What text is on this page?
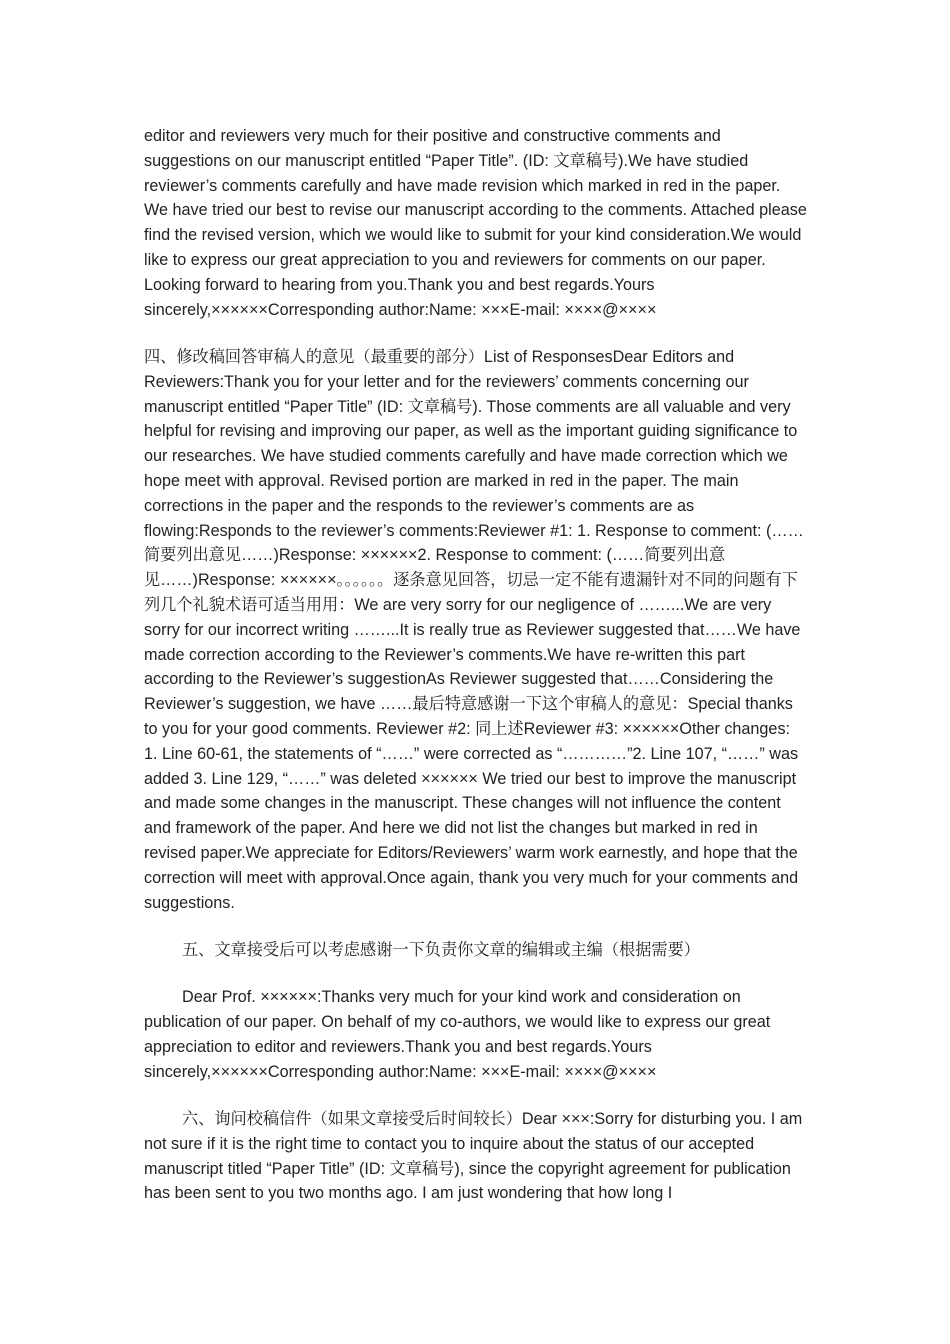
editor and reviewers very much for their positive and constructive comments and suggestions on our manuscript entitled “Paper Title”. (ID: 文章稿号).We have studied reviewer’s comments carefully and have made revision which marked in red in the paper. We have tried our best to revise our manuscript according to the comments. Attached please find the revised version, which we would like to submit for your kind consideration.We would like to express our great appreciation to you and reviewers for comments on our paper. Looking forward to hearing from you.Thank you and best regards.Yours sincerely,××××××Corresponding author:Name: ×××E-mail: ××××@××××

四、修改稿回答审稿人的意见（最重要的部分）List of ResponsesDear Editors and Reviewers:Thank you for your letter and for the reviewers’ comments concerning our manuscript entitled “Paper Title” (ID: 文章稿号). Those comments are all valuable and very helpful for revising and improving our paper, as well as the important guiding significance to our researches. We have studied comments carefully and have made correction which we hope meet with approval. Revised portion are marked in red in the paper. The main corrections in the paper and the responds to the reviewer’s comments are as flowing:Responds to the reviewer’s comments:Reviewer #1: 1. Response to comment: (……简要列出意见……)Response: ××××××2. Response to comment: (……简要列出意见……)Response: ××××××。。。。。。逐条意见回答，切忌一定不能有遗漏针对不同的问题有下列几个礼貌术语可适当用用：We are very sorry for our negligence of ……...We are very sorry for our incorrect writing ……...It is really true as Reviewer suggested that……We have made correction according to the Reviewer’s comments.We have re-written this part according to the Reviewer’s suggestionAs Reviewer suggested that……Considering the Reviewer’s suggestion, we have ……最后特意感谢一下这个审稿人的意见：Special thanks to you for your good comments. Reviewer #2: 同上述Reviewer #3: ××××××Other changes: 1. Line 60-61, the statements of “……” were corrected as “…………”2. Line 107, “……” was added 3. Line 129, “……” was deleted ×××××× We tried our best to improve the manuscript and made some changes in the manuscript. These changes will not influence the content and framework of the paper. And here we did not list the changes but marked in red in revised paper.We appreciate for Editors/Reviewers’ warm work earnestly, and hope that the correction will meet with approval.Once again, thank you very much for your comments and suggestions.

五、文章接受后可以考虑感谢一下负责你文章的编辑或主编（根据需要）

Dear Prof. ××××××:Thanks very much for your kind work and consideration on publication of our paper. On behalf of my co-authors, we would like to express our great appreciation to editor and reviewers.Thank you and best regards.Yours sincerely,××××××Corresponding author:Name: ×××E-mail: ××××@××××

六、询问校稿信件（如果文章接受后时间较长）Dear ×××:Sorry for disturbing you. I am not sure if it is the right time to contact you to inquire about the status of our accepted manuscript titled “Paper Title” (ID: 文章稿号), since the copyright agreement for publication has been sent to you two months ago. I am just wondering that how long I
